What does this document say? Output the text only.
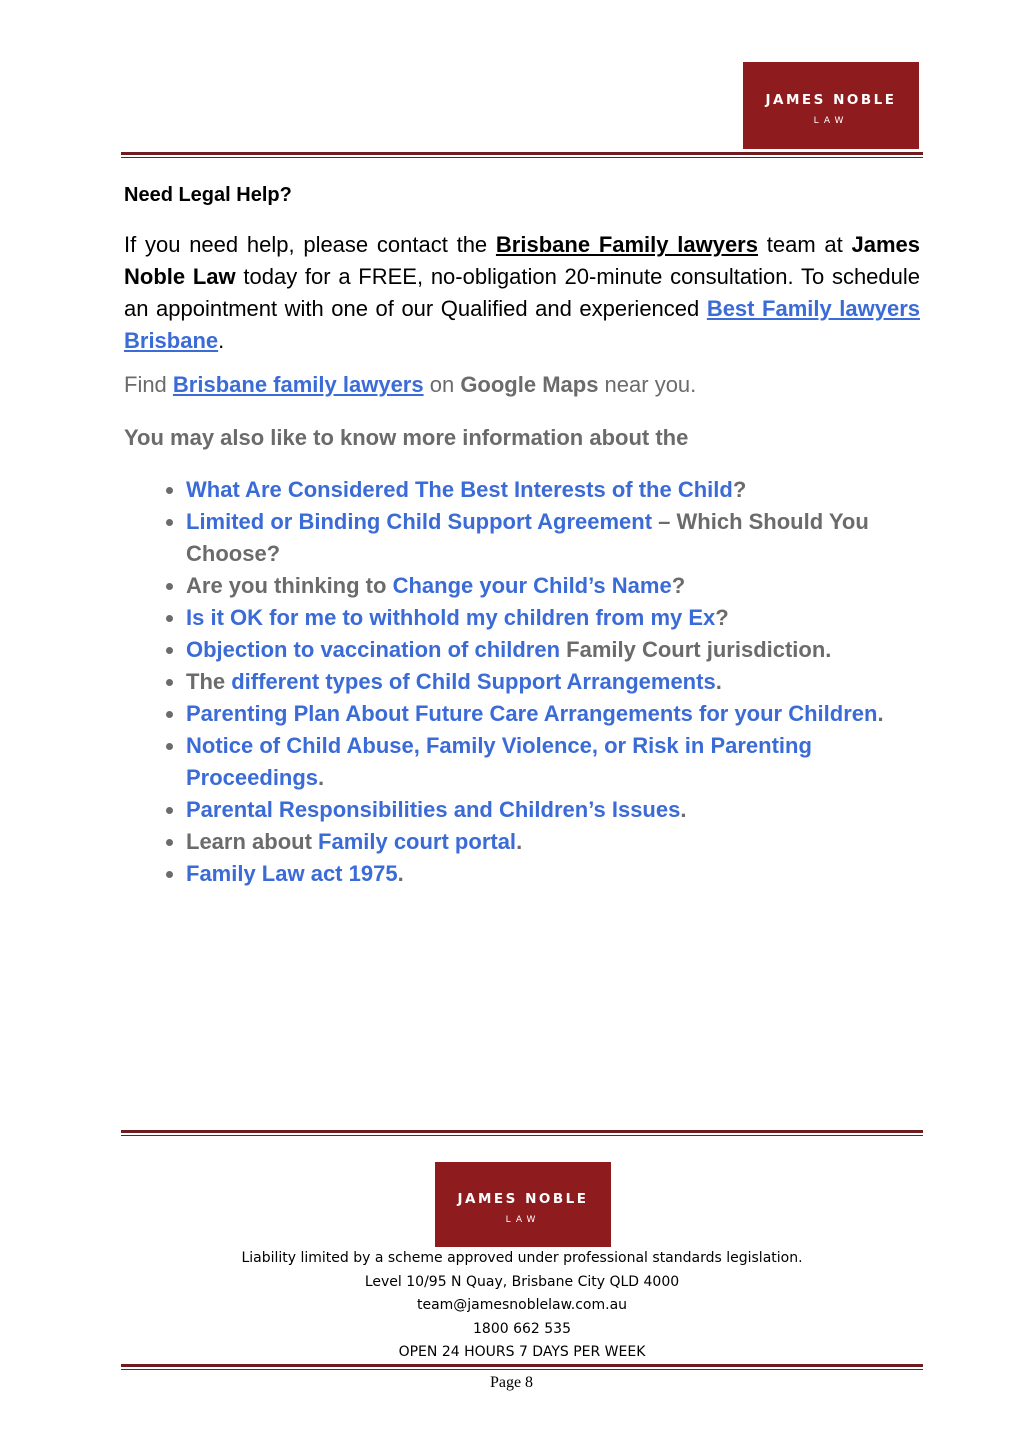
JAMES NOBLE
LAW
Need Legal Help?

If you need help, please contact the Brisbane Family lawyers team at James Noble Law today for a FREE, no-obligation 20-minute consultation. To schedule an appointment with one of our Qualified and experienced Best Family lawyers Brisbane.

Find Brisbane family lawyers on Google Maps near you.

You may also like to know more information about the

• What Are Considered The Best Interests of the Child?
• Limited or Binding Child Support Agreement – Which Should You Choose?
• Are you thinking to Change your Child’s Name?
• Is it OK for me to withhold my children from my Ex?
• Objection to vaccination of children Family Court jurisdiction.
• The different types of Child Support Arrangements.
• Parenting Plan About Future Care Arrangements for your Children.
• Notice of Child Abuse, Family Violence, or Risk in Parenting Proceedings.
• Parental Responsibilities and Children’s Issues.
• Learn about Family court portal.
• Family Law act 1975.
JAMES NOBLE
LAW
Liability limited by a scheme approved under professional standards legislation.
Level 10/95 N Quay, Brisbane City QLD 4000
team@jamesnoblelaw.com.au
1800 662 535
OPEN 24 HOURS 7 DAYS PER WEEK
Page 8
